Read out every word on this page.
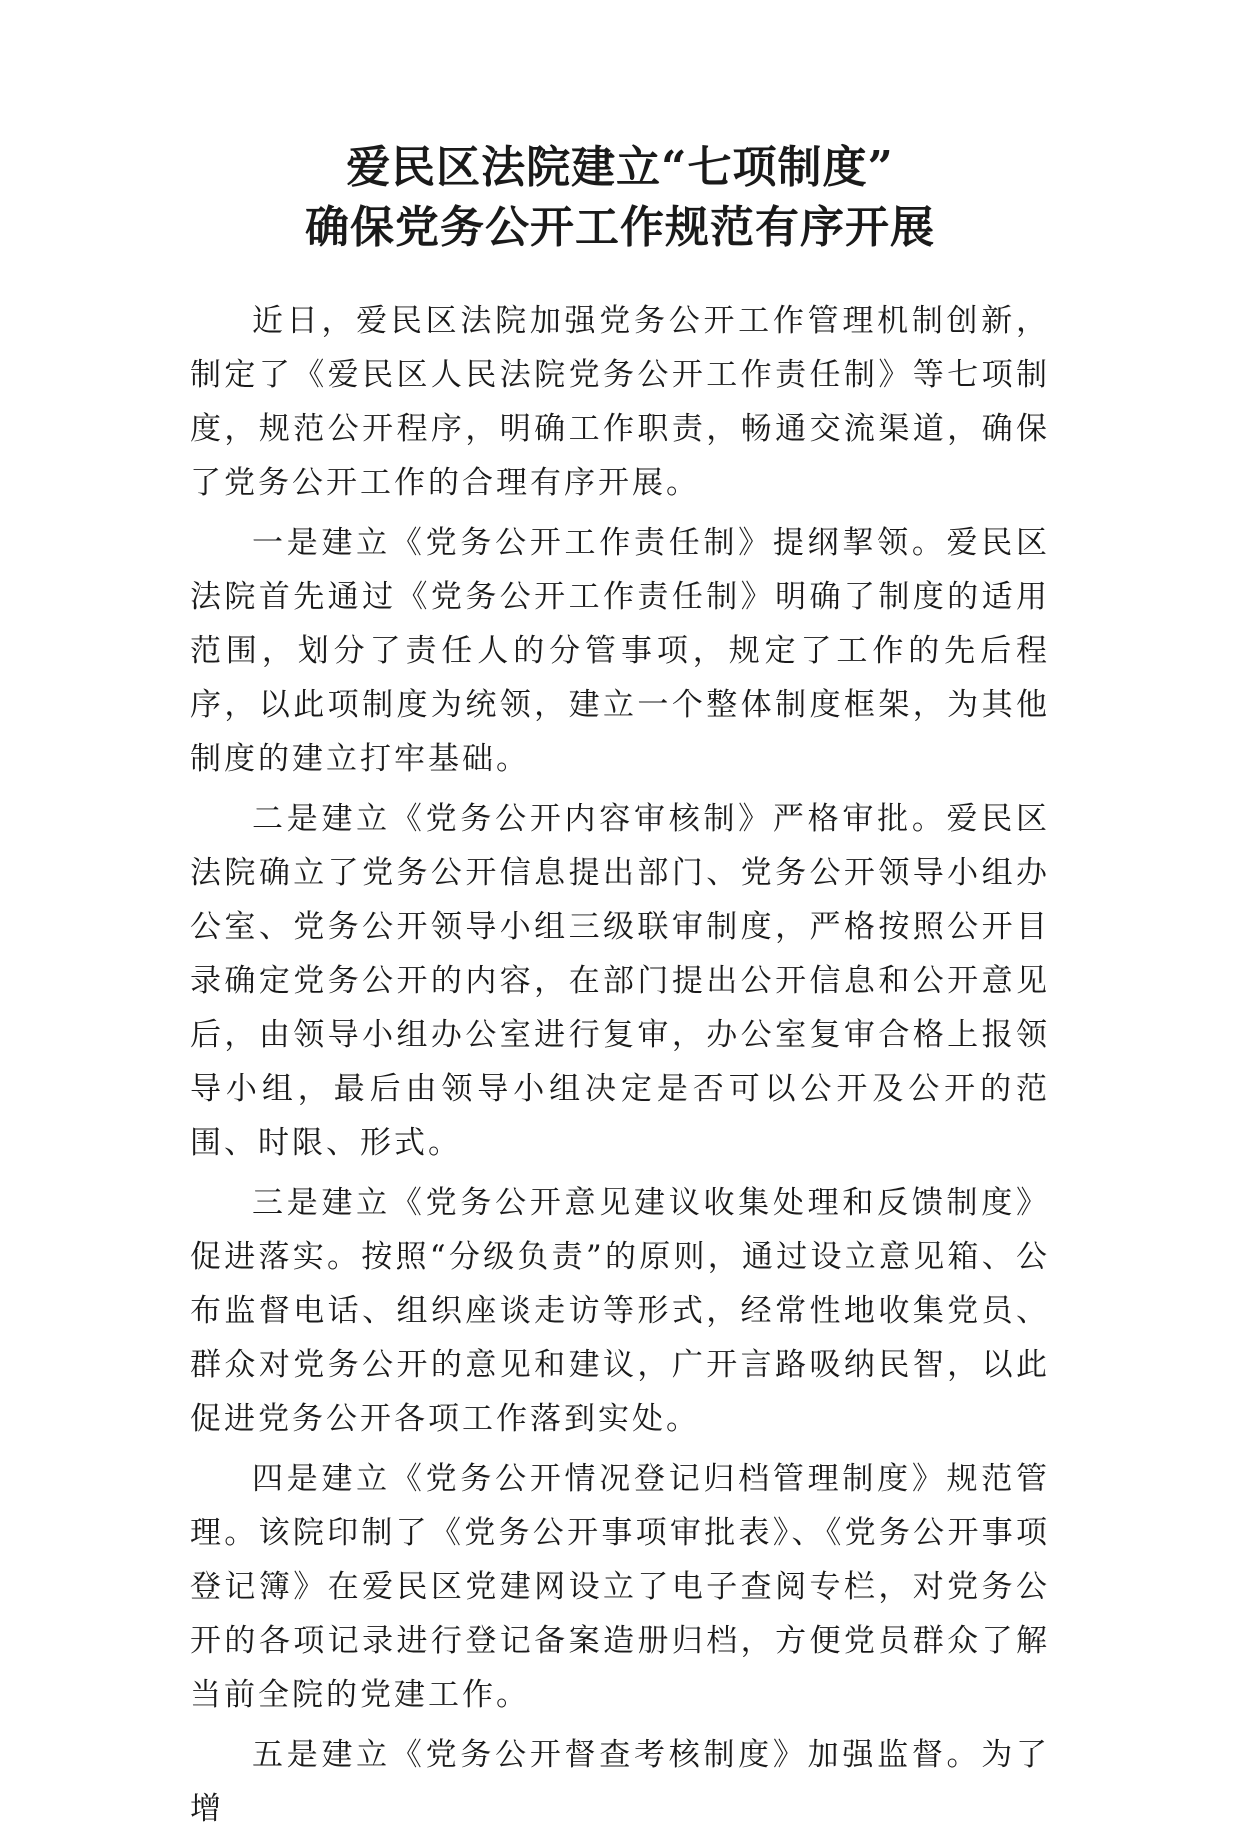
爱民区法院建立“七项制度”
确保党务公开工作规范有序开展

近日，爱民区法院加强党务公开工作管理机制创新，制定了《爱民区人民法院党务公开工作责任制》等七项制度，规范公开程序，明确工作职责，畅通交流渠道，确保了党务公开工作的合理有序开展。

一是建立《党务公开工作责任制》提纲挈领。爱民区法院首先通过《党务公开工作责任制》明确了制度的适用范围，划分了责任人的分管事项，规定了工作的先后程序，以此项制度为统领，建立一个整体制度框架，为其他制度的建立打牢基础。

二是建立《党务公开内容审核制》严格审批。爱民区法院确立了党务公开信息提出部门、党务公开领导小组办公室、党务公开领导小组三级联审制度，严格按照公开目录确定党务公开的内容，在部门提出公开信息和公开意见后，由领导小组办公室进行复审，办公室复审合格上报领导小组，最后由领导小组决定是否可以公开及公开的范围、时限、形式。

三是建立《党务公开意见建议收集处理和反馈制度》促进落实。按照“分级负责”的原则，通过设立意见箱、公布监督电话、组织座谈走访等形式，经常性地收集党员、群众对党务公开的意见和建议，广开言路吸纳民智，以此促进党务公开各项工作落到实处。

四是建立《党务公开情况登记归档管理制度》规范管理。该院印制了《党务公开事项审批表》、《党务公开事项登记簿》在爱民区党建网设立了电子查阅专栏，对党务公开的各项记录进行登记备案造册归档，方便党员群众了解当前全院的党建工作。

五是建立《党务公开督查考核制度》加强监督。为了增
